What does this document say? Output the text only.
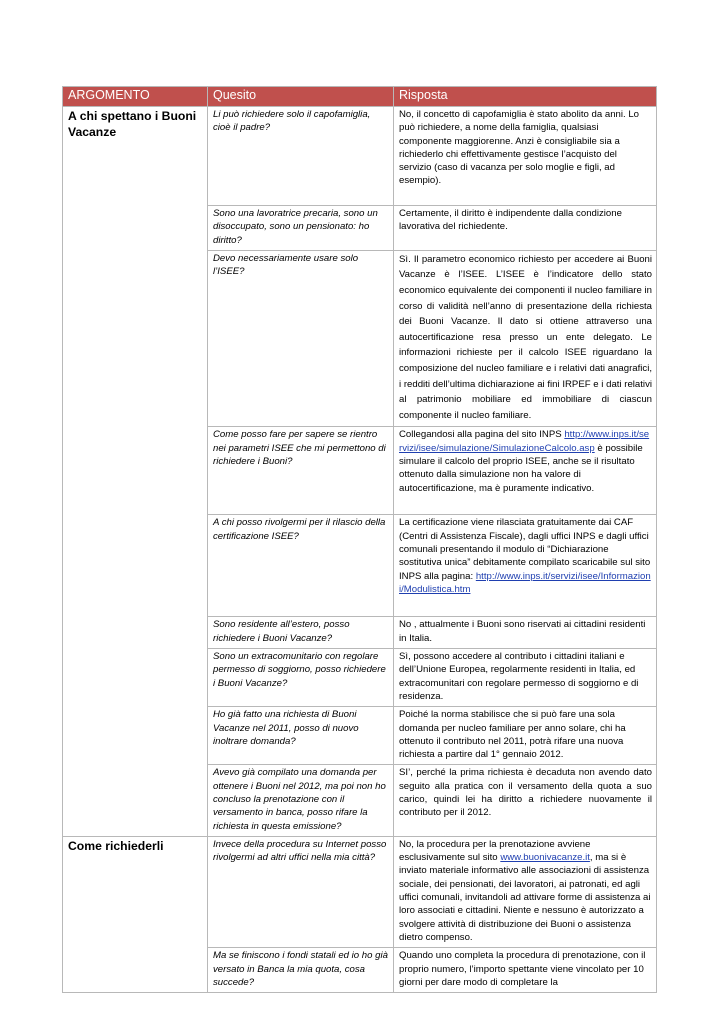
ARGOMENTO	Quesito	Risposta
A chi spettano i Buoni Vacanze	Li può richiedere solo il capofamiglia, cioè il padre?	No, il concetto di capofamiglia è stato abolito da anni. Lo può richiedere, a nome della famiglia, qualsiasi componente maggiorenne. Anzi è consigliabile sia a richiederlo chi effettivamente gestisce l’acquisto del servizio (caso di vacanza per solo moglie e figli, ad esempio).
	Sono una lavoratrice precaria, sono un disoccupato, sono un pensionato: ho diritto?	Certamente, il diritto è indipendente dalla condizione lavorativa del richiedente.
	Devo necessariamente usare solo l’ISEE?	Sì. Il parametro economico richiesto per accedere ai Buoni Vacanze è l’ISEE. L’ISEE è l’indicatore dello stato economico equivalente dei componenti il nucleo familiare in corso di validità nell’anno di presentazione della richiesta dei Buoni Vacanze. Il dato si ottiene attraverso una autocertificazione resa presso un ente delegato. Le informazioni richieste per il calcolo ISEE riguardano la composizione del nucleo familiare e i relativi dati anagrafici, i redditi dell’ultima dichiarazione ai fini IRPEF e i dati relativi al patrimonio mobiliare ed immobiliare di ciascun componente il nucleo familiare.
	Come posso fare per sapere se rientro nei parametri ISEE che mi permettono di richiedere i Buoni?	Collegandosi alla pagina del sito INPS http://www.inps.it/servizi/isee/simulazione/SimulazioneCalcolo.asp è possibile simulare il calcolo del proprio ISEE, anche se il risultato ottenuto dalla simulazione non ha valore di autocertificazione, ma è puramente indicativo.
	A chi posso rivolgermi per il rilascio della certificazione ISEE?	La certificazione viene rilasciata gratuitamente dai CAF (Centri di Assistenza Fiscale), dagli uffici INPS e dagli uffici comunali presentando il modulo di “Dichiarazione sostitutiva unica” debitamente compilato scaricabile sul sito INPS alla pagina: http://www.inps.it/servizi/isee/Informazioni/Modulistica.htm
	Sono residente all’estero, posso richiedere i Buoni Vacanze?	No , attualmente i Buoni sono riservati ai cittadini residenti in Italia.
	Sono un extracomunitario con regolare permesso di soggiorno, posso richiedere i Buoni Vacanze?	Sì, possono accedere al contributo i cittadini italiani e dell’Unione Europea, regolarmente residenti in Italia, ed extracomunitari con regolare permesso di soggiorno e di residenza.
	Ho già fatto una richiesta di Buoni Vacanze nel 2011, posso di nuovo inoltrare domanda?	Poiché la norma stabilisce che si può fare una sola domanda per nucleo familiare per anno solare, chi ha ottenuto il contributo nel 2011, potrà rifare una nuova richiesta a partire dal 1° gennaio 2012.
	Avevo già compilato una domanda per ottenere i Buoni nel 2012, ma poi non ho concluso la prenotazione con il versamento in banca, posso rifare la richiesta in questa emissione?	SI’, perché la prima richiesta è decaduta non avendo dato seguito alla pratica con il versamento della quota a suo carico, quindi lei ha diritto a richiedere nuovamente il contributo per il 2012.
Come richiederli	Invece della procedura su Internet posso rivolgermi ad altri uffici nella mia città?	No, la procedura per la prenotazione avviene esclusivamente sul sito www.buonivacanze.it, ma si è inviato materiale informativo alle associazioni di assistenza sociale, dei pensionati, dei lavoratori, ai patronati, ed agli uffici comunali, invitandoli ad attivare forme di assistenza ai loro associati e cittadini. Niente e nessuno è autorizzato a svolgere attività di distribuzione dei Buoni o assistenza dietro compenso.
	Ma se finiscono i fondi statali ed io ho già versato in Banca la mia quota, cosa succede?	Quando uno completa la procedura di prenotazione, con il proprio numero, l’importo spettante viene vincolato per 10 giorni per dare modo di completare la
